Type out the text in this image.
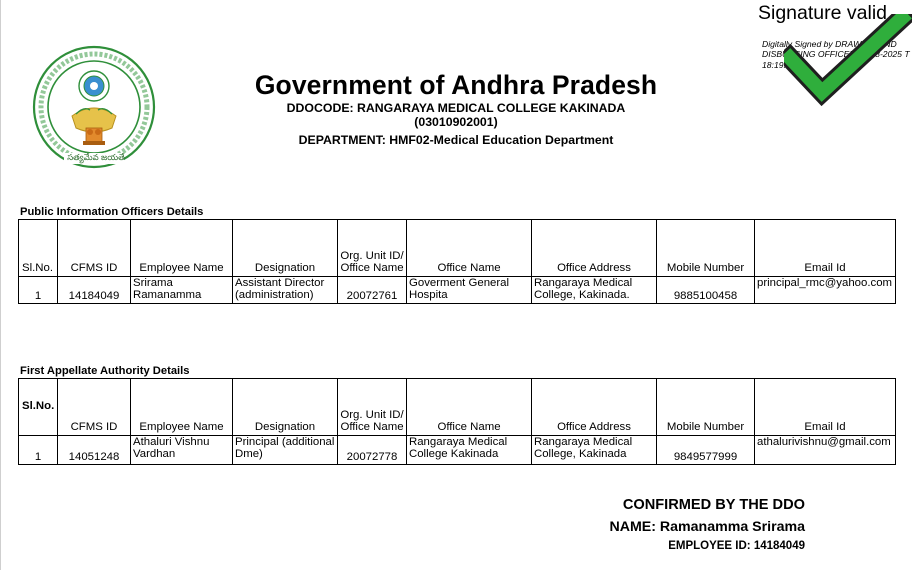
సత్యమేవ జయతే
Government of Andhra Pradesh
DDOCODE: RANGARAYA MEDICAL COLLEGE KAKINADA
(03010902001)
DEPARTMENT: HMF02-Medical Education Department
Digitally Signed by DRAWING AND DISBURSING OFFICER 05-08-2025 T 18:19:51
Signature valid
Public Information Officers Details
Sl.No.	CFMS ID	Employee Name	Designation	Org. Unit ID/ Office Name	Office Name	Office Address	Mobile Number	Email Id
1	14184049	Srirama Ramanamma	Assistant Director (administration)	20072761	Goverment General Hospita	Rangaraya Medical College, Kakinada.	9885100458	principal_rmc@yahoo.com
First Appellate Authority Details
Sl.No.	CFMS ID	Employee Name	Designation	Org. Unit ID/ Office Name	Office Name	Office Address	Mobile Number	Email Id
1	14051248	Athaluri Vishnu Vardhan	Principal (additional Dme)	20072778	Rangaraya Medical College Kakinada	Rangaraya Medical College, Kakinada	9849577999	athalurivishnu@gmail.com
CONFIRMED BY THE DDO
NAME: Ramanamma Srirama
EMPLOYEE ID: 14184049
